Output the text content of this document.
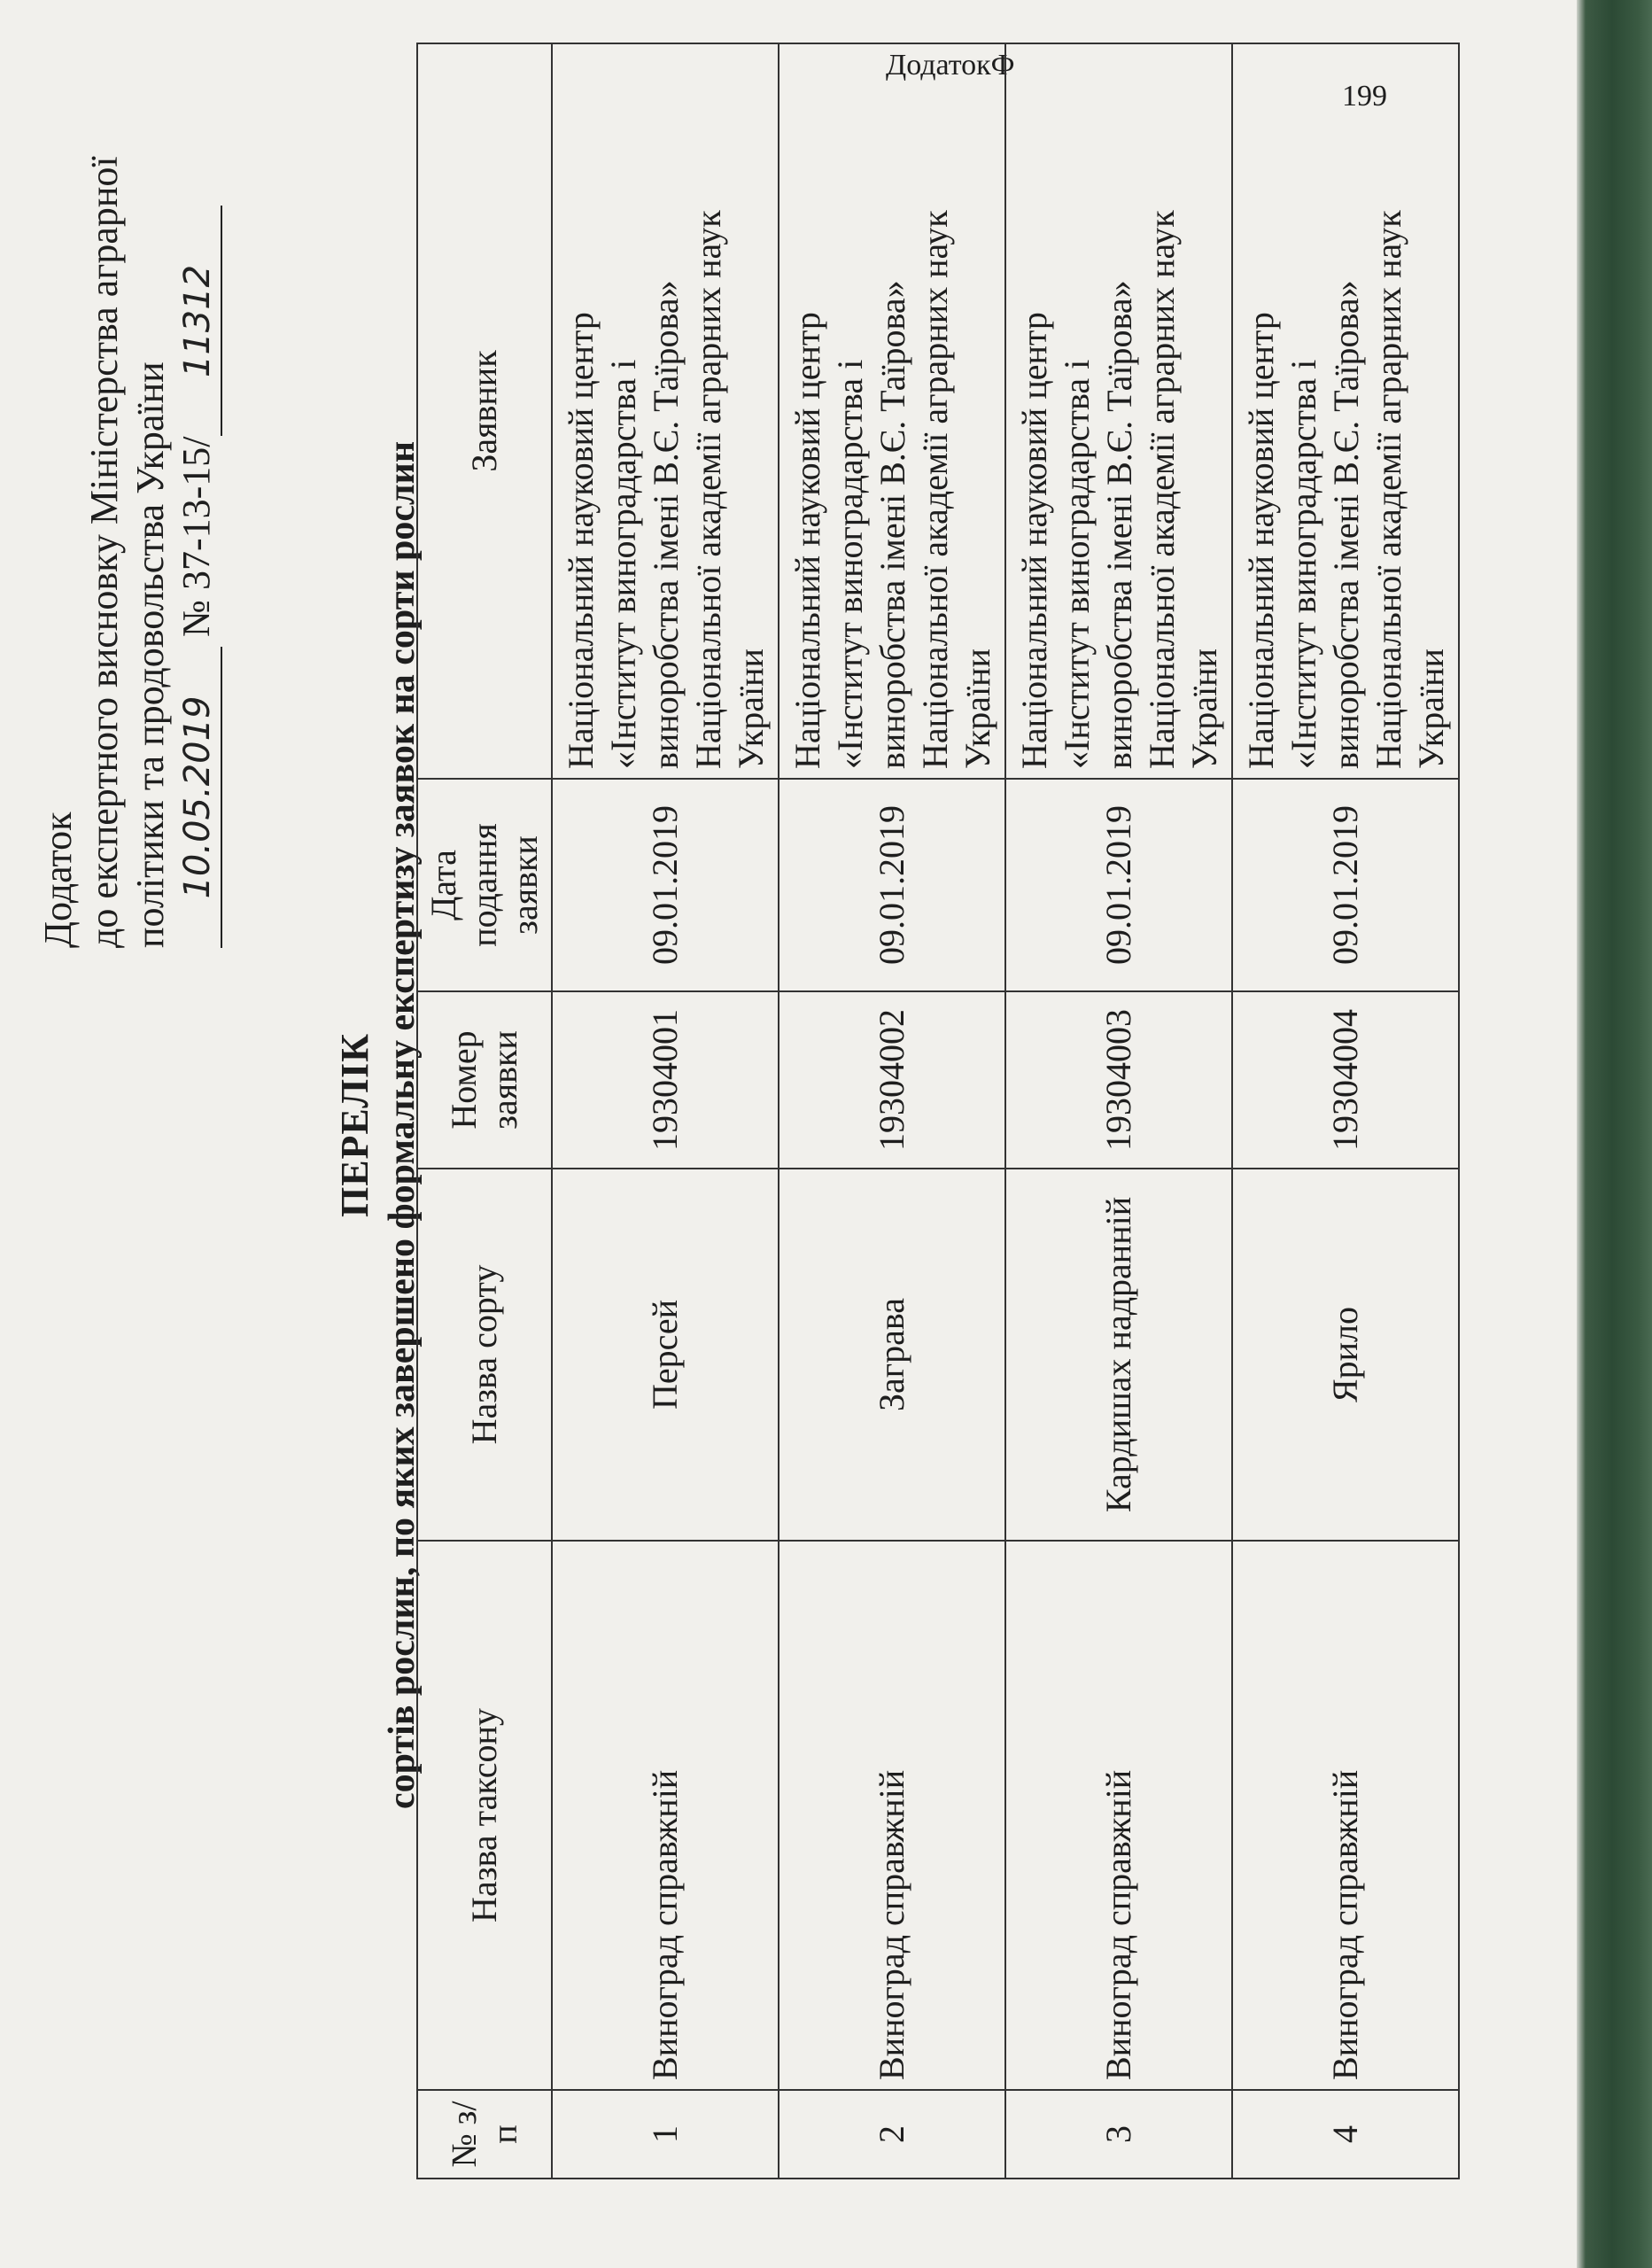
ДодатокФ
199
Додаток до експертного висновку Міністерства аграрної політики та продовольства України 10.05.2019 № 37-13-15/11312
ПЕРЕЛІК сортів рослин, по яких завершено формальну експертизу заявок на сорти рослин
№ з/п	Назва таксону	Назва сорту	Номер заявки	Дата подання заявки	Заявник
1	Виноград справжній	Персей	19304001	09.01.2019	Національний науковий центр «Інститут виноградарства і виноробства імені В.Є. Таїрова» Національної академії аграрних наук України

2	Виноград справжній	Заграва	19304002	09.01.2019	Національний науковий центр «Інститут виноградарства і виноробства імені В.Є. Таїрова» Національної академії аграрних наук України

3	Виноград справжній	Кардишах надранній	19304003	09.01.2019	Національний науковий центр «Інститут виноградарства і виноробства імені В.Є. Таїрова» Національної академії аграрних наук України

4	Виноград справжній	Ярило	19304004	09.01.2019	Національний науковий центр «Інститут виноградарства і виноробства імені В.Є. Таїрова» Національної академії аграрних наук України
